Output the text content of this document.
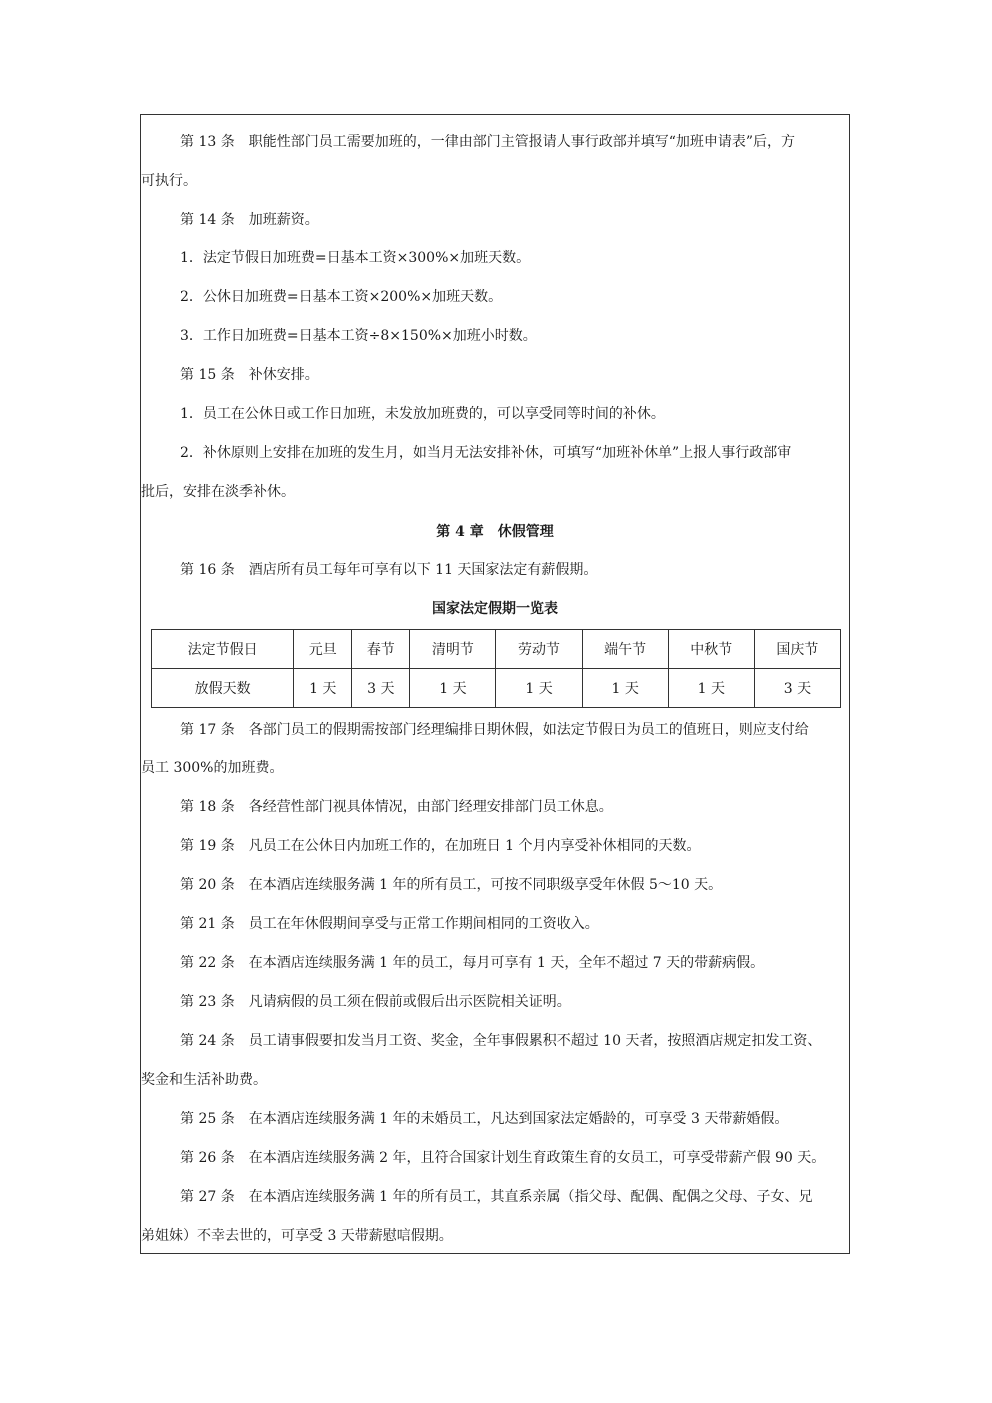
第 13 条　职能性部门员工需要加班的，一律由部门主管报请人事行政部并填写“加班申请表”后，方
可执行。
第 14 条　加班薪资。
1．法定节假日加班费=日基本工资×300%×加班天数。
2．公休日加班费=日基本工资×200%×加班天数。
3．工作日加班费=日基本工资÷8×150%×加班小时数。
第 15 条　补休安排。
1．员工在公休日或工作日加班，未发放加班费的，可以享受同等时间的补休。
2．补休原则上安排在加班的发生月，如当月无法安排补休，可填写“加班补休单”上报人事行政部审
批后，安排在淡季补休。
第 4 章　休假管理
第 16 条　酒店所有员工每年可享有以下 11 天国家法定有薪假期。
国家法定假期一览表
法定节假日	元旦	春节	清明节	劳动节	端午节	中秋节	国庆节
放假天数	1 天	3 天	1 天	1 天	1 天	1 天	3 天
第 17 条　各部门员工的假期需按部门经理编排日期休假，如法定节假日为员工的值班日，则应支付给
员工 300%的加班费。
第 18 条　各经营性部门视具体情况，由部门经理安排部门员工休息。
第 19 条　凡员工在公休日内加班工作的，在加班日 1 个月内享受补休相同的天数。
第 20 条　在本酒店连续服务满 1 年的所有员工，可按不同职级享受年休假 5～10 天。
第 21 条　员工在年休假期间享受与正常工作期间相同的工资收入。
第 22 条　在本酒店连续服务满 1 年的员工，每月可享有 1 天，全年不超过 7 天的带薪病假。
第 23 条　凡请病假的员工须在假前或假后出示医院相关证明。
第 24 条　员工请事假要扣发当月工资、奖金，全年事假累积不超过 10 天者，按照酒店规定扣发工资、
奖金和生活补助费。
第 25 条　在本酒店连续服务满 1 年的未婚员工，凡达到国家法定婚龄的，可享受 3 天带薪婚假。
第 26 条　在本酒店连续服务满 2 年，且符合国家计划生育政策生育的女员工，可享受带薪产假 90 天。
第 27 条　在本酒店连续服务满 1 年的所有员工，其直系亲属（指父母、配偶、配偶之父母、子女、兄
弟姐妹）不幸去世的，可享受 3 天带薪慰唁假期。
